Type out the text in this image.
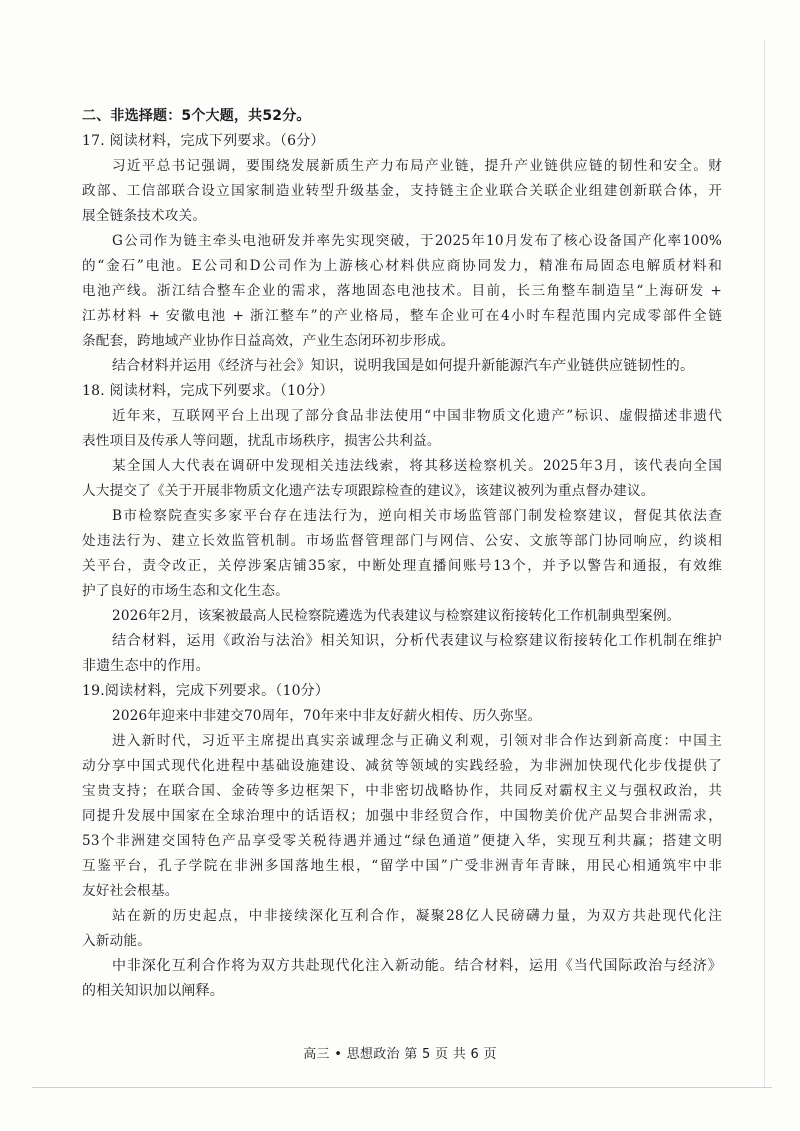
二、非选择题：5个大题，共52分。
17. 阅读材料，完成下列要求。（6分）
习近平总书记强调，要围绕发展新质生产力布局产业链，提升产业链供应链的韧性和安全。财
政部、工信部联合设立国家制造业转型升级基金，支持链主企业联合关联企业组建创新联合体，开
展全链条技术攻关。
G公司作为链主牵头电池研发并率先实现突破，于2025年10月发布了核心设备国产化率100%
的“金石”电池。E公司和D公司作为上游核心材料供应商协同发力，精准布局固态电解质材料和
电池产线。浙江结合整车企业的需求，落地固态电池技术。目前，长三角整车制造呈“上海研发 +
江苏材料 + 安徽电池 + 浙江整车”的产业格局，整车企业可在4小时车程范围内完成零部件全链
条配套，跨地域产业协作日益高效，产业生态闭环初步形成。
结合材料并运用《经济与社会》知识，说明我国是如何提升新能源汽车产业链供应链韧性的。
18. 阅读材料，完成下列要求。（10分）
近年来，互联网平台上出现了部分食品非法使用“中国非物质文化遗产”标识、虚假描述非遗代
表性项目及传承人等问题，扰乱市场秩序，损害公共利益。
某全国人大代表在调研中发现相关违法线索，将其移送检察机关。2025年3月，该代表向全国
人大提交了《关于开展非物质文化遗产法专项跟踪检查的建议》，该建议被列为重点督办建议。
B市检察院查实多家平台存在违法行为，逆向相关市场监管部门制发检察建议，督促其依法查
处违法行为、建立长效监管机制。市场监督管理部门与网信、公安、文旅等部门协同响应，约谈相
关平台，责令改正，关停涉案店铺35家，中断处理直播间账号13个，并予以警告和通报，有效维
护了良好的市场生态和文化生态。
2026年2月，该案被最高人民检察院遴选为代表建议与检察建议衔接转化工作机制典型案例。
结合材料，运用《政治与法治》相关知识，分析代表建议与检察建议衔接转化工作机制在维护
非遗生态中的作用。
19.阅读材料，完成下列要求。（10分）
2026年迎来中非建交70周年，70年来中非友好薪火相传、历久弥坚。
进入新时代，习近平主席提出真实亲诚理念与正确义利观，引领对非合作达到新高度：中国主
动分享中国式现代化进程中基础设施建设、减贫等领域的实践经验，为非洲加快现代化步伐提供了
宝贵支持；在联合国、金砖等多边框架下，中非密切战略协作，共同反对霸权主义与强权政治，共
同提升发展中国家在全球治理中的话语权；加强中非经贸合作，中国物美价优产品契合非洲需求，
53个非洲建交国特色产品享受零关税待遇并通过“绿色通道”便捷入华，实现互利共赢；搭建文明
互鉴平台，孔子学院在非洲多国落地生根，“留学中国”广受非洲青年青睐，用民心相通筑牢中非
友好社会根基。
站在新的历史起点，中非接续深化互利合作，凝聚28亿人民磅礴力量，为双方共赴现代化注
入新动能。
中非深化互利合作将为双方共赴现代化注入新动能。结合材料，运用《当代国际政治与经济》
的相关知识加以阐释。
高三 • 思想政治 第 5 页 共 6 页
